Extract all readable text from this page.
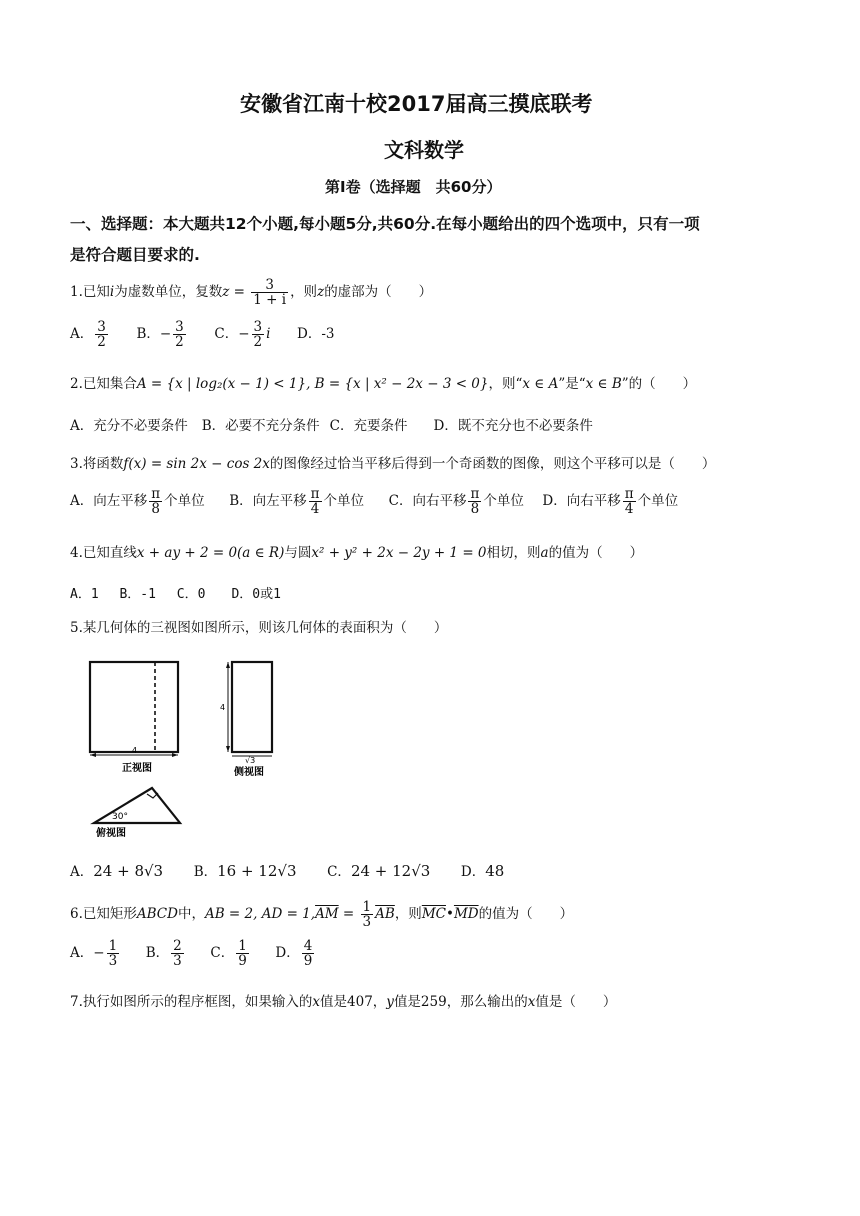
安徽省江南十校2017届高三摸底联考
文科数学
第Ⅰ卷（选择题　共60分）
一、选择题：本大题共12个小题,每小题5分,共60分.在每小题给出的四个选项中，只有一项
是符合题目要求的.
1.已知i为虚数单位，复数$z = \frac{3}{1 + i}$ ，则z的虚部为（　　）
A． $\frac{3}{2}$ B．− $\frac{3}{2}$ C．− $\frac{3}{2}$ i D．-3
2.已知集合A = {x | log₂(x − 1) < 1}, B = {x | x² − 2x − 3 < 0}，则“x ∈ A”是“x ∈ B”的（　　）
A．充分不必要条件 B．必要不充分条件 C．充要条件 D．既不充分也不必要条件
3.将函数f(x) = sin 2x − cos 2x的图像经过恰当平移后得到一个奇函数的图像，则这个平移可以是（　　）
A．向左平移 $\frac{\pi}{8}$ 个单位 B．向左平移 $\frac{\pi}{4}$ 个单位 C．向右平移 $\frac{\pi}{8}$ 个单位 D．向右平移 $\frac{\pi}{4}$ 个单位
4.已知直线x + ay + 2 = 0(a ∈ R)与圆x² + y² + 2x − 2y + 1 = 0相切，则a的值为（　　）
A．1　 B．-1　 C．0　　D．0或1
5.某几何体的三视图如图所示，则该几何体的表面积为（　　）
4
正视图
4
√3
侧视图
30°
俯视图
A．24 + 8√3 B．16 + 12√3 C．24 + 12√3 D．48
6.已知矩形ABCD中，AB = 2, AD = $1,\overline{AM} = \frac{1}{3} \overline{AB}$，则$\overline{MC}•\overline{MD}$的值为（　　）
A．− $\frac{1}{3}$ B． $\frac{2}{3}$ C． $\frac{1}{9}$ D． $\frac{4}{9}$
7.执行如图所示的程序框图，如果输入的x值是407，y值是259，那么输出的x值是（　　）
